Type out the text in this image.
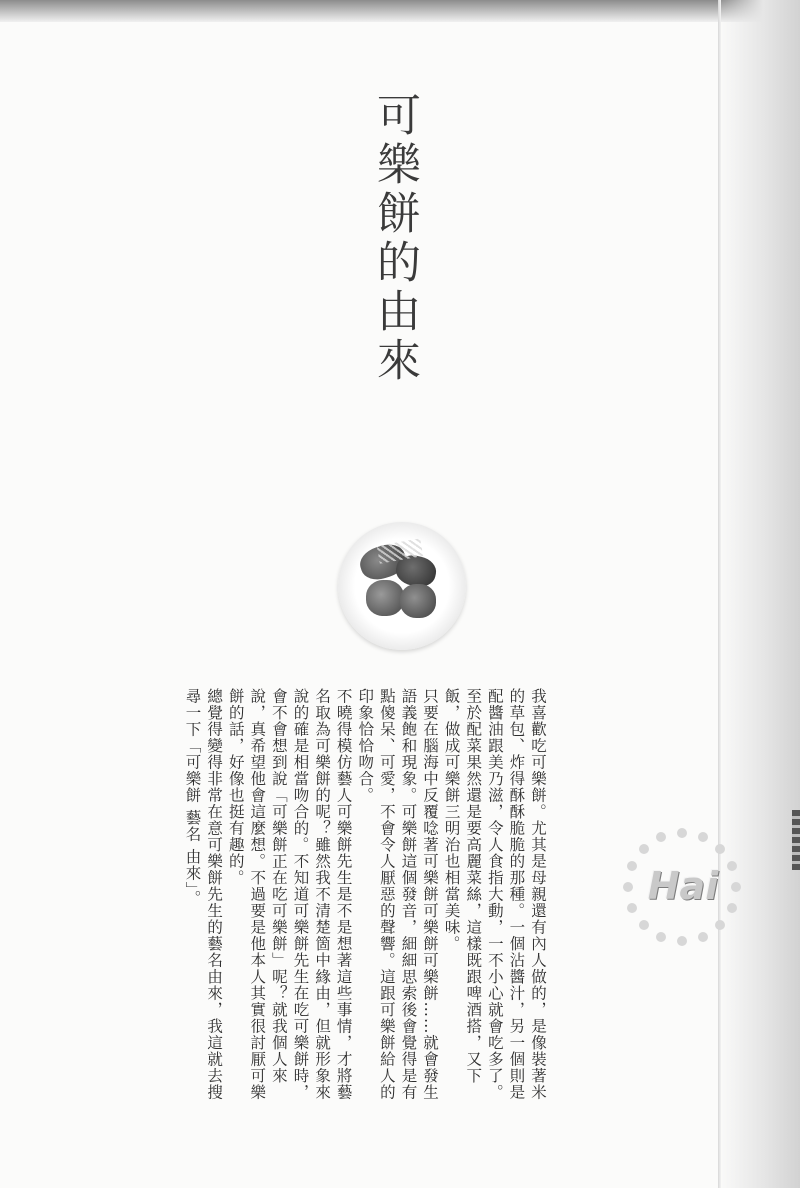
可樂餅的由來

我喜歡吃可樂餅。尤其是母親還有內人做的，是像裝著米的草包、炸得酥酥脆脆的那種。一個沾醬汁，另一個則是配醬油跟美乃滋，令人食指大動，一不小心就會吃多了。至於配菜果然還是要高麗菜絲，這樣既跟啤酒搭，又下飯，做成可樂餅三明治也相當美味。

只要在腦海中反覆唸著可樂餅可樂餅可樂餅……就會發生語義飽和現象。可樂餅這個發音，細細思索後會覺得是有點傻呆、可愛，不會令人厭惡的聲響。這跟可樂餅給人的印象恰恰吻合。

不曉得模仿藝人可樂餅先生是不是想著這些事情，才將藝名取為可樂餅的呢？雖然我不清楚箇中緣由，但就形象來說的確是相當吻合的。不知道可樂餅先生在吃可樂餅時，會不會想到說「可樂餅正在吃可樂餅」呢？就我個人來說，真希望他會這麼想。不過要是他本人其實很討厭可樂餅的話，好像也挺有趣的。

總覺得變得非常在意可樂餅先生的藝名由來，我這就去搜尋一下「可樂餅 藝名 由來」。	Hai
